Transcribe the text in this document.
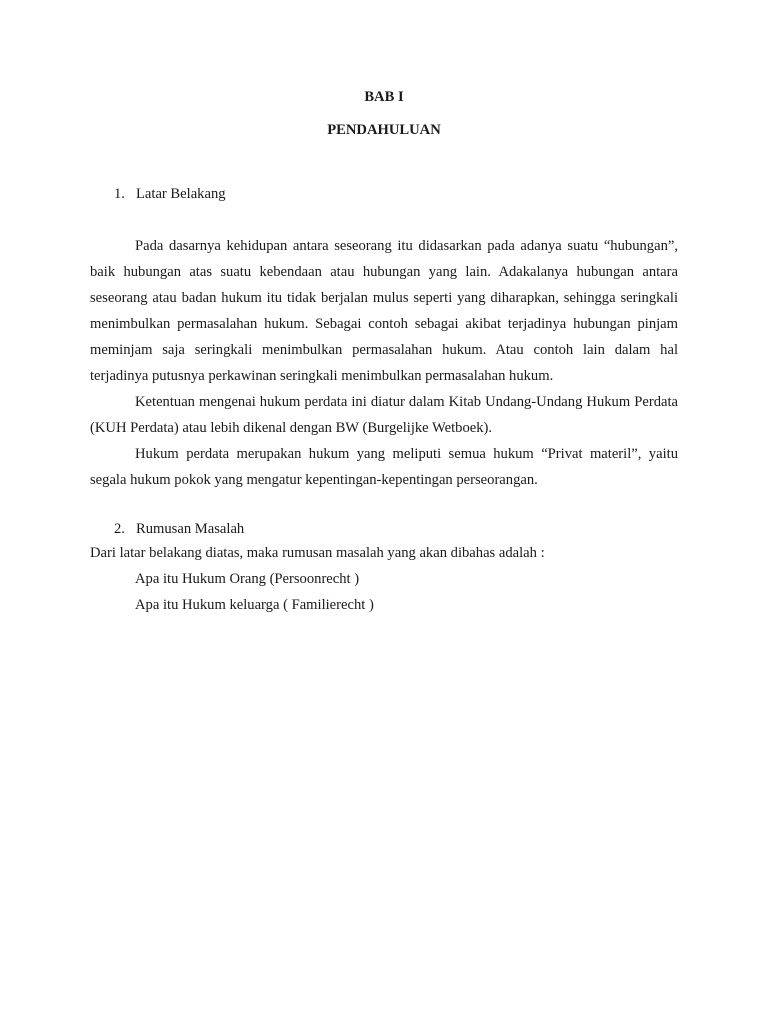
BAB I
PENDAHULUAN
1. Latar Belakang

Pada dasarnya kehidupan antara seseorang itu didasarkan pada adanya suatu “hubungan”, baik hubungan atas suatu kebendaan atau hubungan yang lain. Adakalanya hubungan antara seseorang atau badan hukum itu tidak berjalan mulus seperti yang diharapkan, sehingga seringkali menimbulkan permasalahan hukum. Sebagai contoh sebagai akibat terjadinya hubungan pinjam meminjam saja seringkali menimbulkan permasalahan hukum. Atau contoh lain dalam hal terjadinya putusnya perkawinan seringkali menimbulkan permasalahan hukum.

Ketentuan mengenai hukum perdata ini diatur dalam Kitab Undang-Undang Hukum Perdata (KUH Perdata) atau lebih dikenal dengan BW (Burgelijke Wetboek).

Hukum perdata merupakan hukum yang meliputi semua hukum “Privat materil”, yaitu segala hukum pokok yang mengatur kepentingan-kepentingan perseorangan.

2. Rumusan Masalah
Dari latar belakang diatas, maka rumusan masalah yang akan dibahas adalah :
Apa itu Hukum Orang (Persoonrecht )
Apa itu Hukum keluarga ( Familierecht )
